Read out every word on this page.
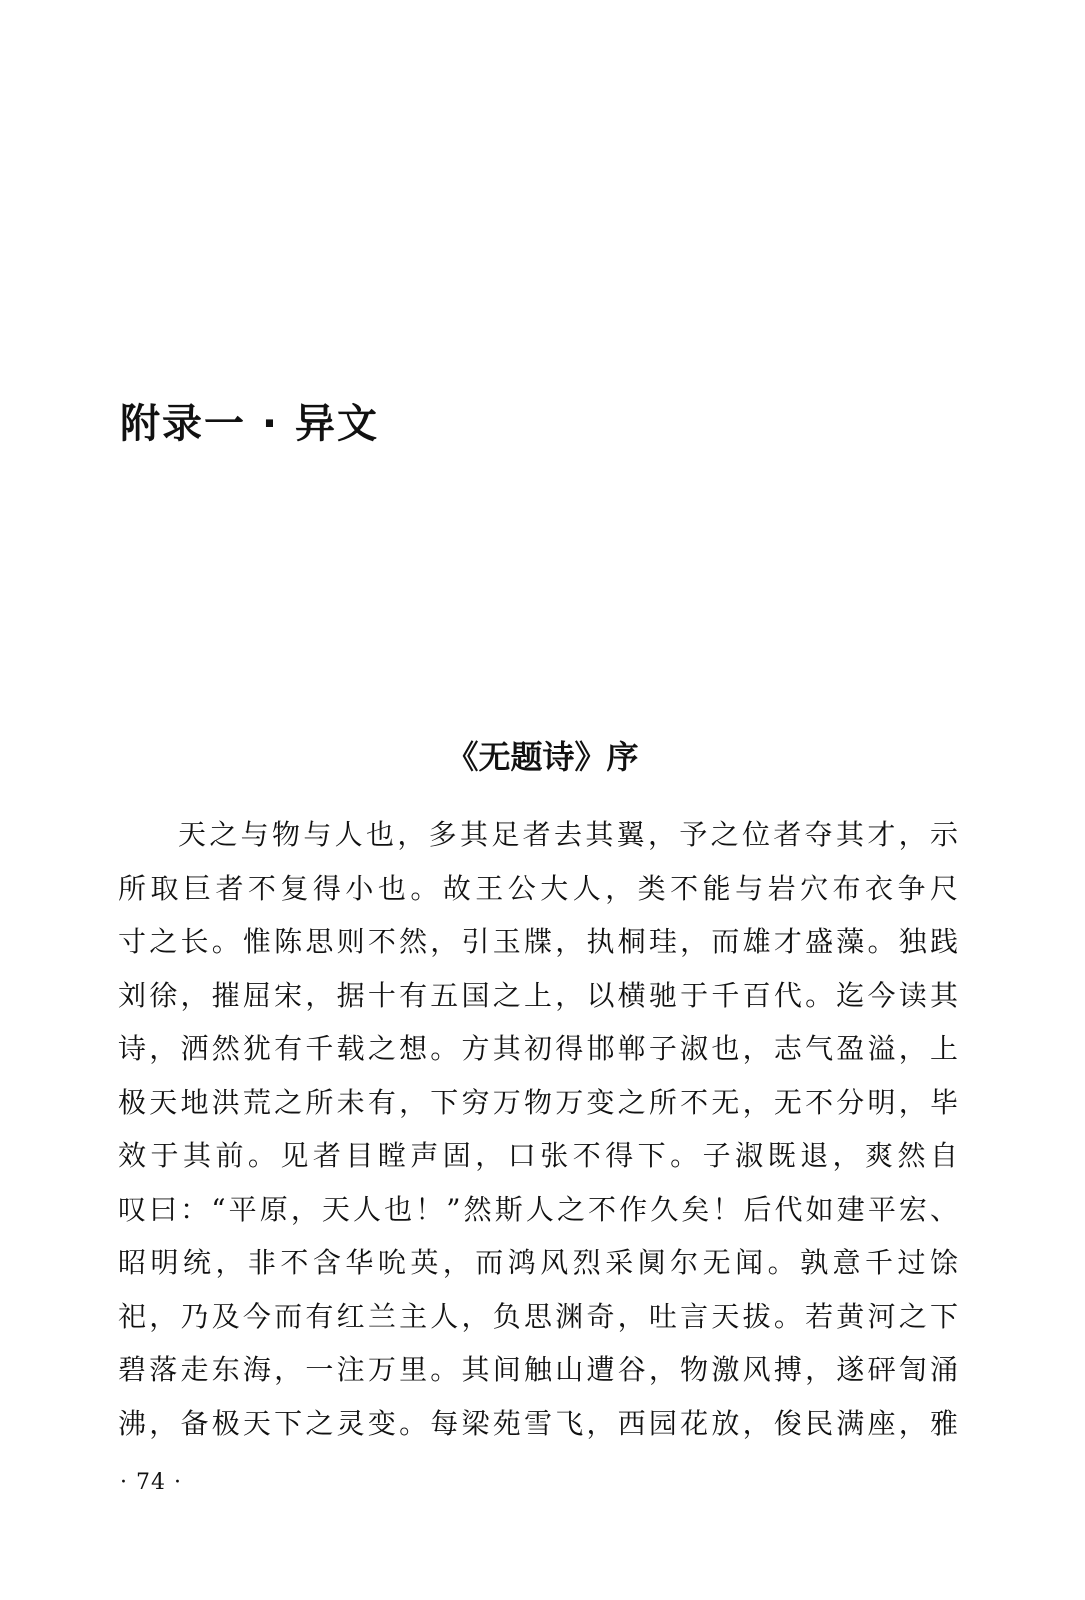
附录一 · 异文
《无题诗》序
天之与物与人也，多其足者去其翼，予之位者夺其才，示
所取巨者不复得小也。故王公大人，类不能与岩穴布衣争尺
寸之长。惟陈思则不然，引玉牒，执桐珪，而雄才盛藻。独践
刘徐，摧屈宋，据十有五国之上，以横驰于千百代。迄今读其
诗，洒然犹有千载之想。方其初得邯郸子淑也，志气盈溢，上
极天地洪荒之所未有，下穷万物万变之所不无，无不分明，毕
效于其前。见者目瞠声固，口张不得下。子淑既退，爽然自
叹曰：“平原，天人也！”然斯人之不作久矣！后代如建平宏、
昭明统，非不含华吮英，而鸿风烈采阒尔无闻。孰意千过馀
祀，乃及今而有红兰主人，负思渊奇，吐言天拔。若黄河之下
碧落走东海，一注万里。其间触山遭谷，物激风搏，遂砰訇涌
沸，备极天下之灵变。每梁苑雪飞，西园花放，俊民满座，雅
· 74 ·
